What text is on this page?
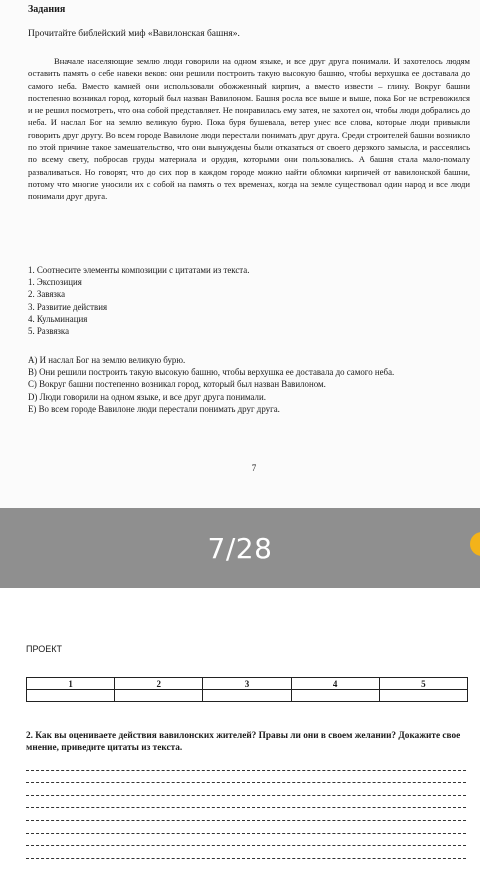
Задания
Прочитайте библейский миф «Вавилонская башня».

Вначале населяющие землю люди говорили на одном языке, и все друг друга понимали. И захотелось людям оставить память о себе навеки веков: они решили построить такую высокую башню, чтобы верхушка ее доставала до самого неба. Вместо камней они использовали обожженный кирпич, а вместо извести – глину. Вокруг башни постепенно возникал город, который был назван Вавилоном. Башня росла все выше и выше, пока Бог не встревожился и не решил посмотреть, что она собой представляет. Не понравилась ему затея, не захотел он, чтобы люди добрались до неба. И наслал Бог на землю великую бурю. Пока буря бушевала, ветер унес все слова, которые люди привыкли говорить друг другу. Во всем городе Вавилоне люди перестали понимать друг друга. Среди строителей башни возникло по этой причине такое замешательство, что они вынуждены были отказаться от своего дерзкого замысла, и рассеялись по всему свету, побросав груды материала и орудия, которыми они пользовались. А башня стала мало-помалу разваливаться. Но говорят, что до сих пор в каждом городе можно найти обломки кирпичей от вавилонской башни, потому что многие уносили их с собой на память о тех временах, когда на земле существовал один народ и все люди понимали друг друга.

1. Соотнесите элементы композиции с цитатами из текста.

1. Экспозиция

2. Завязка

3. Развитие действия

4. Кульминация

5. Развязка

A) И наслал Бог на землю великую бурю.

B) Они решили построить такую высокую башню, чтобы верхушка ее доставала до самого неба.

C) Вокруг башни постепенно возникал город, который был назван Вавилоном.

D) Люди говорили на одном языке, и все друг друга понимали.

E) Во всем городе Вавилоне люди перестали понимать друг друга.

7
7/28
ПРОЕКТ
1	2	3	4	5

2. Как вы оцениваете действия вавилонских жителей? Правы ли они в своем желании? Докажите свое мнение, приведите цитаты из текста.
